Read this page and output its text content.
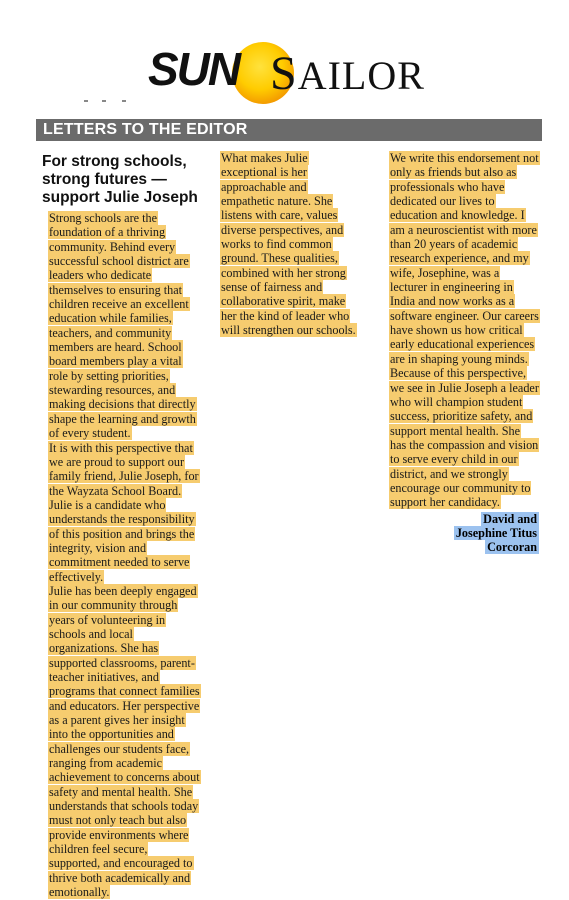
SUN SAILOR
LETTERS TO THE EDITOR
For strong schools, strong futures — support Julie Joseph

Strong schools are the foundation of a thriving community. Behind every successful school district are leaders who dedicate themselves to ensuring that children receive an excellent education while families, teachers, and community members are heard. School board members play a vital role by setting priorities, stewarding resources, and making decisions that directly shape the learning and growth of every student.

It is with this perspective that we are proud to support our family friend, Julie Joseph, for the Wayzata School Board. Julie is a candidate who understands the responsibility of this position and brings the integrity, vision and commitment needed to serve effectively.

Julie has been deeply engaged in our community through years of volunteering in schools and local organizations. She has supported classrooms, parent-teacher initiatives, and programs that connect families and educators. Her perspective as a parent gives her insight into the opportunities and challenges our students face, ranging from academic achievement to concerns about safety and mental health. She understands that schools today must not only teach but also provide environments where children feel secure, supported, and encouraged to thrive both academically and emotionally.

What makes Julie exceptional is her approachable and empathetic nature. She listens with care, values diverse perspectives, and works to find common ground. These qualities, combined with her strong sense of fairness and collaborative spirit, make her the kind of leader who will strengthen our schools.

We write this endorsement not only as friends but also as professionals who have dedicated our lives to education and knowledge. I am a neuroscientist with more than 20 years of academic research experience, and my wife, Josephine, was a lecturer in engineering in India and now works as a software engineer. Our careers have shown us how critical early educational experiences are in shaping young minds.

Because of this perspective, we see in Julie Joseph a leader who will champion student success, prioritize safety, and support mental health. She has the compassion and vision to serve every child in our district, and we strongly encourage our community to support her candidacy.

David and
Josephine Titus
Corcoran
